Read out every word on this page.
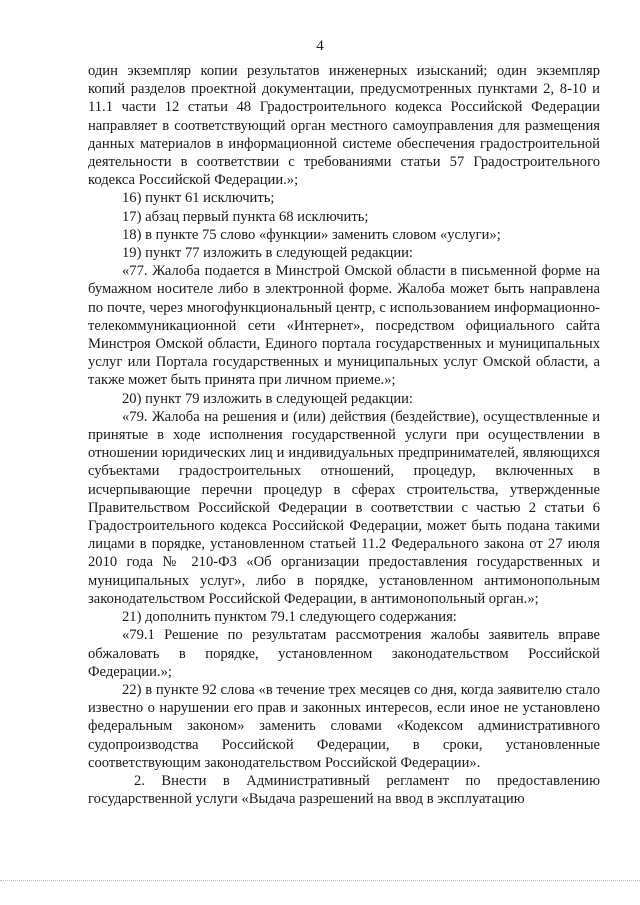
4

один экземпляр копии результатов инженерных изысканий; один экземпляр копий разделов проектной документации, предусмотренных пунктами 2, 8-10 и 11.1 части 12 статьи 48 Градостроительного кодекса Российской Федерации направляет в соответствующий орган местного самоуправления для размещения данных материалов в информационной системе обеспечения градостроительной деятельности в соответствии с требованиями статьи 57 Градостроительного кодекса Российской Федерации.»;

16) пункт 61 исключить;

17) абзац первый пункта 68 исключить;

18) в пункте 75 слово «функции» заменить словом «услуги»;

19) пункт 77 изложить в следующей редакции:

«77. Жалоба подается в Минстрой Омской области в письменной форме на бумажном носителе либо в электронной форме. Жалоба может быть направлена по почте, через многофункциональный центр, с использованием информационно-телекоммуникационной сети «Интернет», посредством официального сайта Минстроя Омской области, Единого портала государственных и муниципальных услуг или Портала государственных и муниципальных услуг Омской области, а также может быть принята при личном приеме.»;

20) пункт 79 изложить в следующей редакции:

«79. Жалоба на решения и (или) действия (бездействие), осуществленные и принятые в ходе исполнения государственной услуги при осуществлении в отношении юридических лиц и индивидуальных предпринимателей, являющихся субъектами градостроительных отношений, процедур, включенных в исчерпывающие перечни процедур в сферах строительства, утвержденные Правительством Российской Федерации в соответствии с частью 2 статьи 6 Градостроительного кодекса Российской Федерации, может быть подана такими лицами в порядке, установленном статьей 11.2 Федерального закона от 27 июля 2010 года № 210-ФЗ «Об организации предоставления государственных и муниципальных услуг», либо в порядке, установленном антимонопольным законодательством Российской Федерации, в антимонопольный орган.»;

21) дополнить пунктом 79.1 следующего содержания:

«79.1 Решение по результатам рассмотрения жалобы заявитель вправе обжаловать в порядке, установленном законодательством Российской Федерации.»;

22) в пункте 92 слова «в течение трех месяцев со дня, когда заявителю стало известно о нарушении его прав и законных интересов, если иное не установлено федеральным законом» заменить словами «Кодексом административного судопроизводства Российской Федерации, в сроки, установленные соответствующим законодательством Российской Федерации».

2. Внести в Административный регламент по предоставлению государственной услуги «Выдача разрешений на ввод в эксплуатацию
